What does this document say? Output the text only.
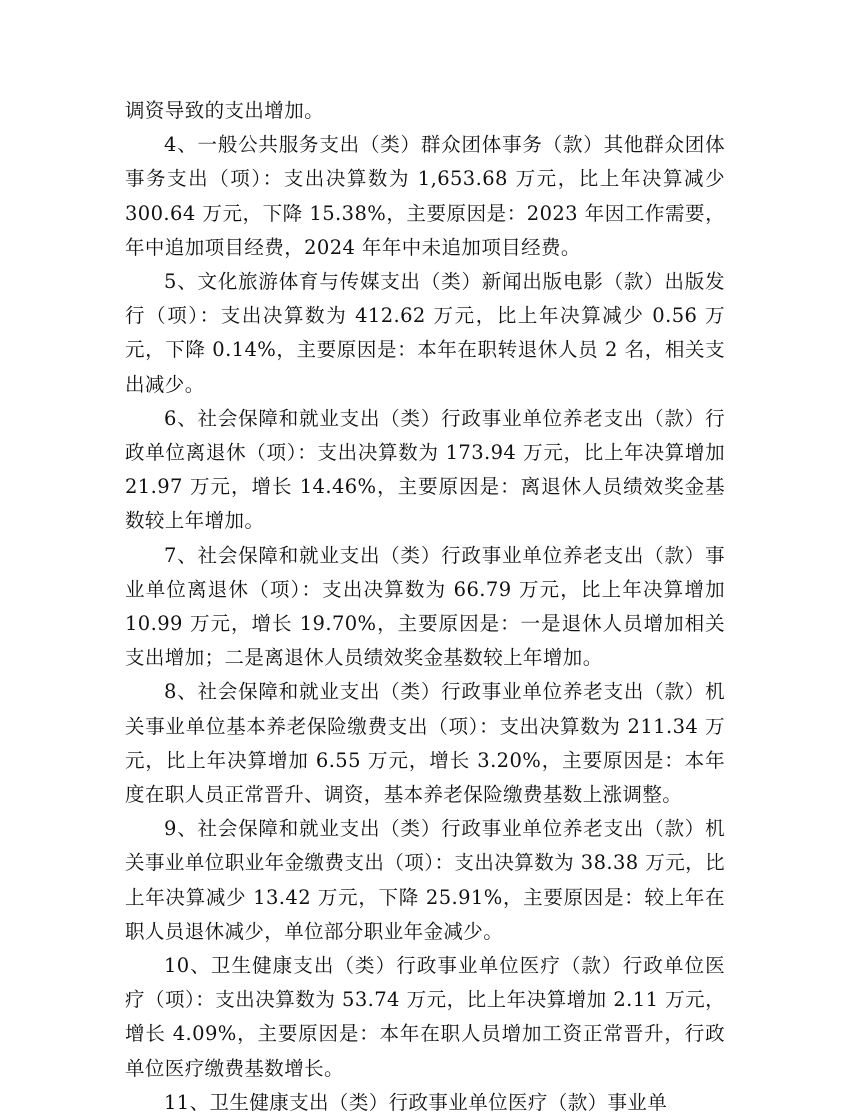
调资导致的支出增加。

4、一般公共服务支出（类）群众团体事务（款）其他群众团体事务支出（项）：支出决算数为 1,653.68 万元，比上年决算减少 300.64 万元，下降 15.38%，主要原因是：2023 年因工作需要，年中追加项目经费，2024 年年中未追加项目经费。

5、文化旅游体育与传媒支出（类）新闻出版电影（款）出版发行（项）：支出决算数为 412.62 万元，比上年决算减少 0.56 万元，下降 0.14%，主要原因是：本年在职转退休人员 2 名，相关支出减少。

6、社会保障和就业支出（类）行政事业单位养老支出（款）行政单位离退休（项）：支出决算数为 173.94 万元，比上年决算增加 21.97 万元，增长 14.46%，主要原因是：离退休人员绩效奖金基数较上年增加。

7、社会保障和就业支出（类）行政事业单位养老支出（款）事业单位离退休（项）：支出决算数为 66.79 万元，比上年决算增加 10.99 万元，增长 19.70%，主要原因是：一是退休人员增加相关支出增加；二是离退休人员绩效奖金基数较上年增加。

8、社会保障和就业支出（类）行政事业单位养老支出（款）机关事业单位基本养老保险缴费支出（项）：支出决算数为 211.34 万元，比上年决算增加 6.55 万元，增长 3.20%，主要原因是：本年度在职人员正常晋升、调资，基本养老保险缴费基数上涨调整。

9、社会保障和就业支出（类）行政事业单位养老支出（款）机关事业单位职业年金缴费支出（项）：支出决算数为 38.38 万元，比上年决算减少 13.42 万元，下降 25.91%，主要原因是：较上年在职人员退休减少，单位部分职业年金减少。

10、卫生健康支出（类）行政事业单位医疗（款）行政单位医疗（项）：支出决算数为 53.74 万元，比上年决算增加 2.11 万元，增长 4.09%，主要原因是：本年在职人员增加工资正常晋升，行政单位医疗缴费基数增长。

11、卫生健康支出（类）行政事业单位医疗（款）事业单
